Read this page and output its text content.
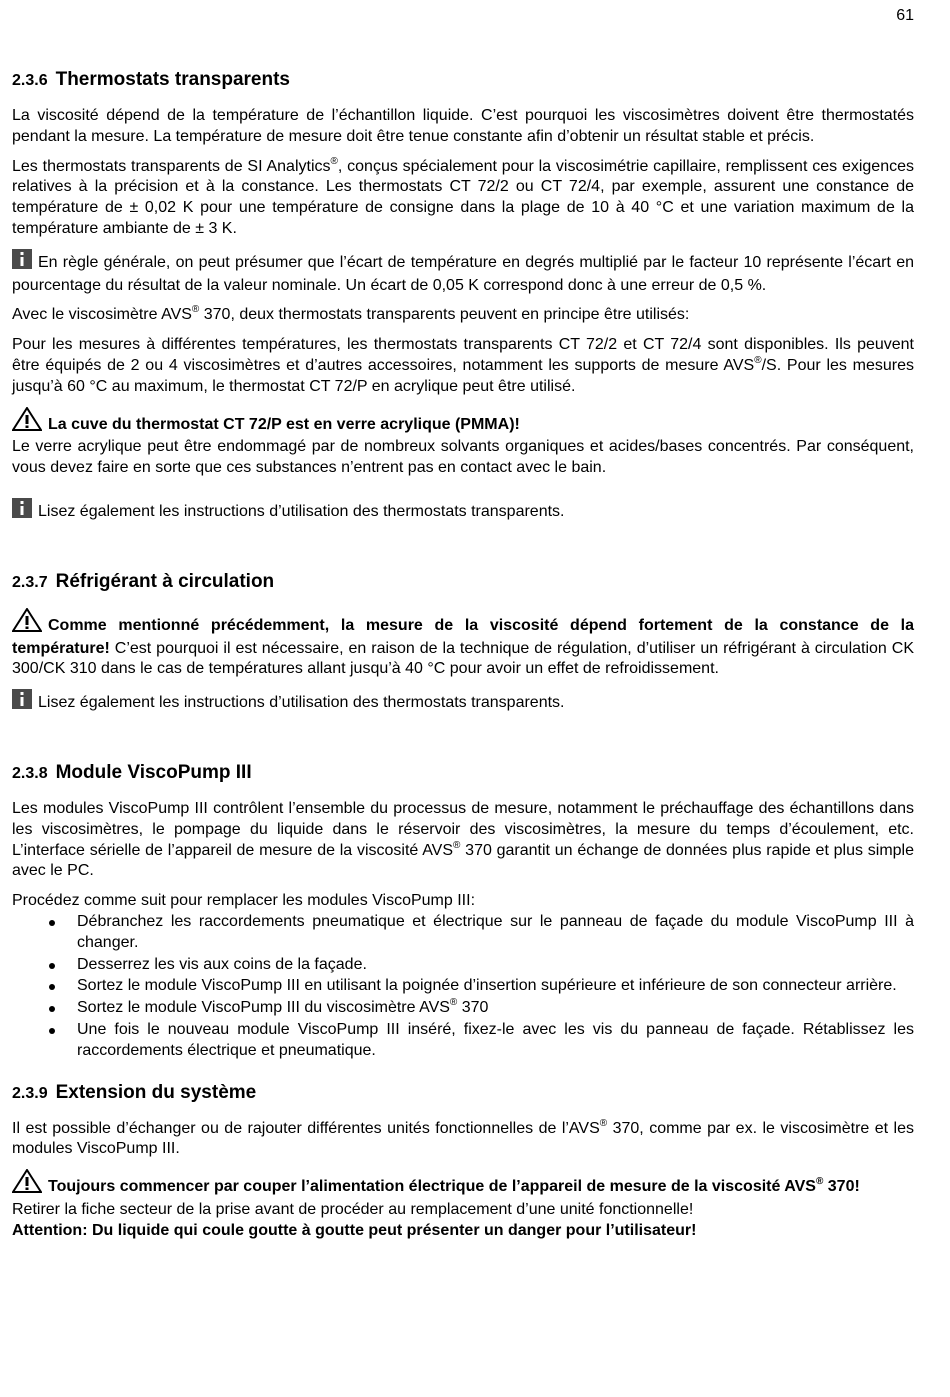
61
2.3.6 Thermostats transparents

La viscosité dépend de la température de l’échantillon liquide. C’est pourquoi les viscosimètres doivent être thermostatés pendant la mesure. La température de mesure doit être tenue constante afin d’obtenir un résultat stable et précis.

Les thermostats transparents de SI Analytics®, conçus spécialement pour la viscosimétrie capillaire, remplissent ces exigences relatives à la précision et à la constance. Les thermostats CT 72/2 ou CT 72/4, par exemple, assurent une constance de température de ± 0,02 K pour une température de consigne dans la plage de 10 à 40 °C et une variation maximum de la température ambiante de ± 3 K.

En règle générale, on peut présumer que l’écart de température en degrés multiplié par le facteur 10 représente l’écart en pourcentage du résultat de la valeur nominale. Un écart de 0,05 K correspond donc à une erreur de 0,5 %.

Avec le viscosimètre AVS® 370, deux thermostats transparents peuvent en principe être utilisés:

Pour les mesures à différentes températures, les thermostats transparents CT 72/2 et CT 72/4 sont disponibles. Ils peuvent être équipés de 2 ou 4 viscosimètres et d’autres accessoires, notamment les supports de mesure AVS®/S. Pour les mesures jusqu’à 60 °C au maximum, le thermostat CT 72/P en acrylique peut être utilisé.

La cuve du thermostat CT 72/P est en verre acrylique (PMMA)!

Le verre acrylique peut être endommagé par de nombreux solvants organiques et acides/bases concentrés. Par conséquent, vous devez faire en sorte que ces substances n’entrent pas en contact avec le bain.

Lisez également les instructions d’utilisation des thermostats transparents.

2.3.7 Réfrigérant à circulation

Comme mentionné précédemment, la mesure de la viscosité dépend fortement de la constance de la température! C’est pourquoi il est nécessaire, en raison de la technique de régulation, d’utiliser un réfrigérant à circulation CK 300/CK 310 dans le cas de températures allant jusqu’à 40 °C pour avoir un effet de refroidissement.

Lisez également les instructions d’utilisation des thermostats transparents.

2.3.8 Module ViscoPump III

Les modules ViscoPump III contrôlent l’ensemble du processus de mesure, notamment le préchauffage des échantillons dans les viscosimètres, le pompage du liquide dans le réservoir des viscosimètres, la mesure du temps d’écoulement, etc. L’interface sérielle de l’appareil de mesure de la viscosité AVS® 370 garantit un échange de données plus rapide et plus simple avec le PC.

Procédez comme suit pour remplacer les modules ViscoPump III:

Débranchez les raccordements pneumatique et électrique sur le panneau de façade du module ViscoPump III à changer.
Desserrez les vis aux coins de la façade.
Sortez le module ViscoPump III en utilisant la poignée d’insertion supérieure et inférieure de son connecteur arrière.
Sortez le module ViscoPump III du viscosimètre AVS® 370
Une fois le nouveau module ViscoPump III inséré, fixez-le avec les vis du panneau de façade. Rétablissez les raccordements électrique et pneumatique.
2.3.9 Extension du système

Il est possible d’échanger ou de rajouter différentes unités fonctionnelles de l’AVS® 370, comme par ex. le viscosimètre et les modules ViscoPump III.

Toujours commencer par couper l’alimentation électrique de l’appareil de mesure de la viscosité AVS® 370!

Retirer la fiche secteur de la prise avant de procéder au remplacement d’une unité fonctionnelle!

Attention: Du liquide qui coule goutte à goutte peut présenter un danger pour l’utilisateur!
